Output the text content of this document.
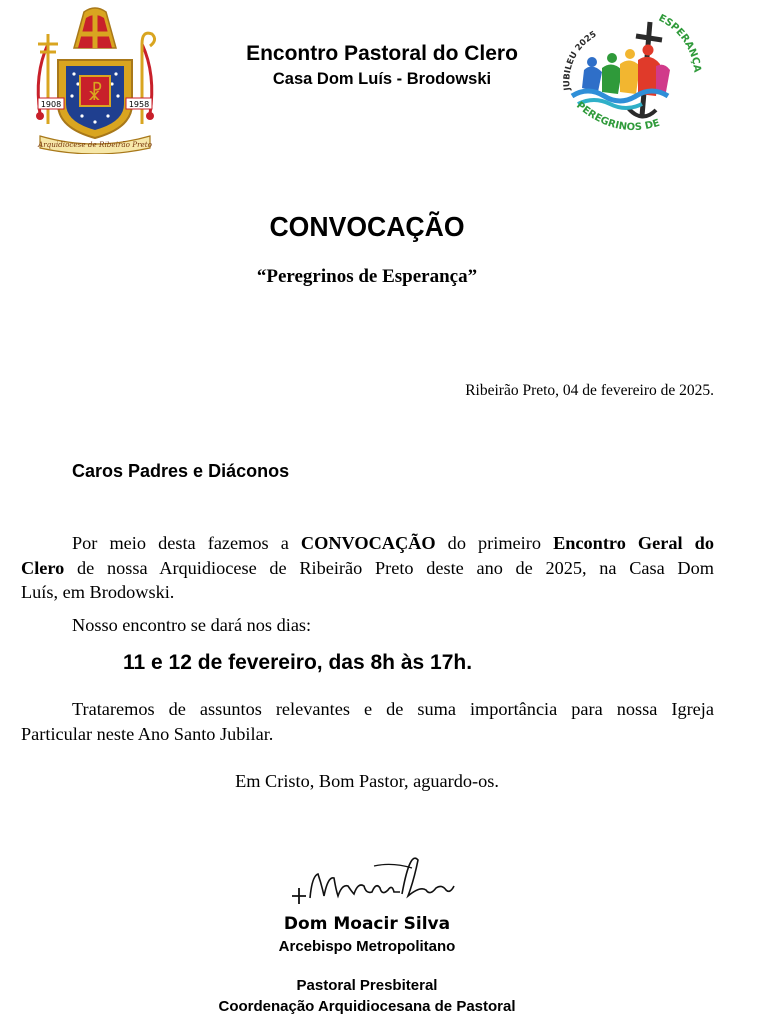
☧
1908	1958
Arquidiocese de Ribeirão Preto
Encontro Pastoral do Clero
Casa Dom Luís - Brodowski
JUBILEU 2025
ESPERANÇA
PEREGRINOS DE
CONVOCAÇÃO
“Peregrinos de Esperança”
Ribeirão Preto, 04 de fevereiro de 2025.
Caros Padres e Diáconos
Por meio desta fazemos a CONVOCAÇÃO do primeiro Encontro Geral do
Clero de nossa Arquidiocese de Ribeirão Preto deste ano de 2025, na Casa Dom
Luís, em Brodowski.
Nosso encontro se dará nos dias:
11 e 12 de fevereiro, das 8h às 17h.
Trataremos de assuntos relevantes e de suma importância para nossa Igreja
Particular neste Ano Santo Jubilar.
Em Cristo, Bom Pastor, aguardo-os.
Dom Moacir Silva
Arcebispo Metropolitano
Pastoral Presbiteral
Coordenação Arquidiocesana de Pastoral
